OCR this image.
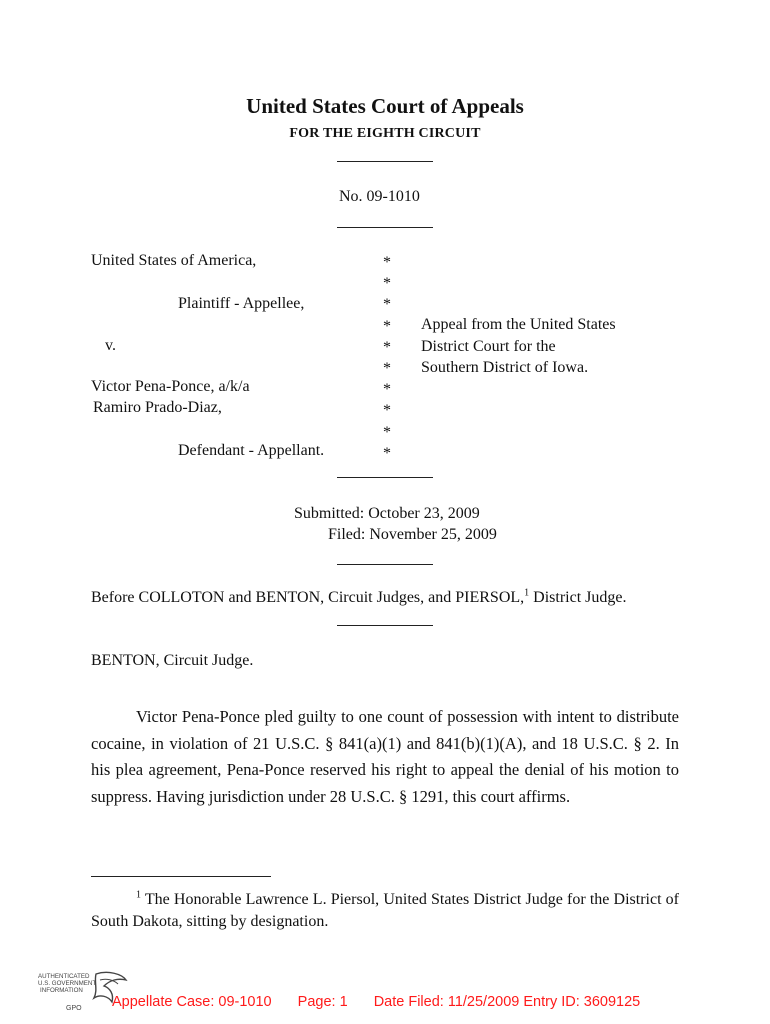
United States Court of Appeals
FOR THE EIGHTH CIRCUIT
No. 09-1010
United States of America,
Plaintiff - Appellee,
v.
Victor Pena-Ponce, a/k/a
Ramiro Prado-Diaz,
Defendant - Appellant.
*
*
*
*
*
*
*
*
*
*
Appeal from the United States
District Court for the
Southern District of Iowa.
Submitted: October 23, 2009
Filed: November 25, 2009
Before COLLOTON and BENTON, Circuit Judges, and PIERSOL,$^1$ District Judge.
BENTON, Circuit Judge.
Victor Pena-Ponce pled guilty to one count of possession with intent to distribute cocaine, in violation of 21 U.S.C. § 841(a)(1) and 841(b)(1)(A), and 18 U.S.C. § 2. In his plea agreement, Pena-Ponce reserved his right to appeal the denial of his motion to suppress. Having jurisdiction under 28 U.S.C. § 1291, this court affirms.
$^1$ The Honorable Lawrence L. Piersol, United States District Judge for the District of South Dakota, sitting by designation.
AUTHENTICATED
U.S. GOVERNMENT
INFORMATION
GPO Appellate Case: 09-1010 Page: 1 Date Filed: 11/25/2009 Entry ID: 3609125
